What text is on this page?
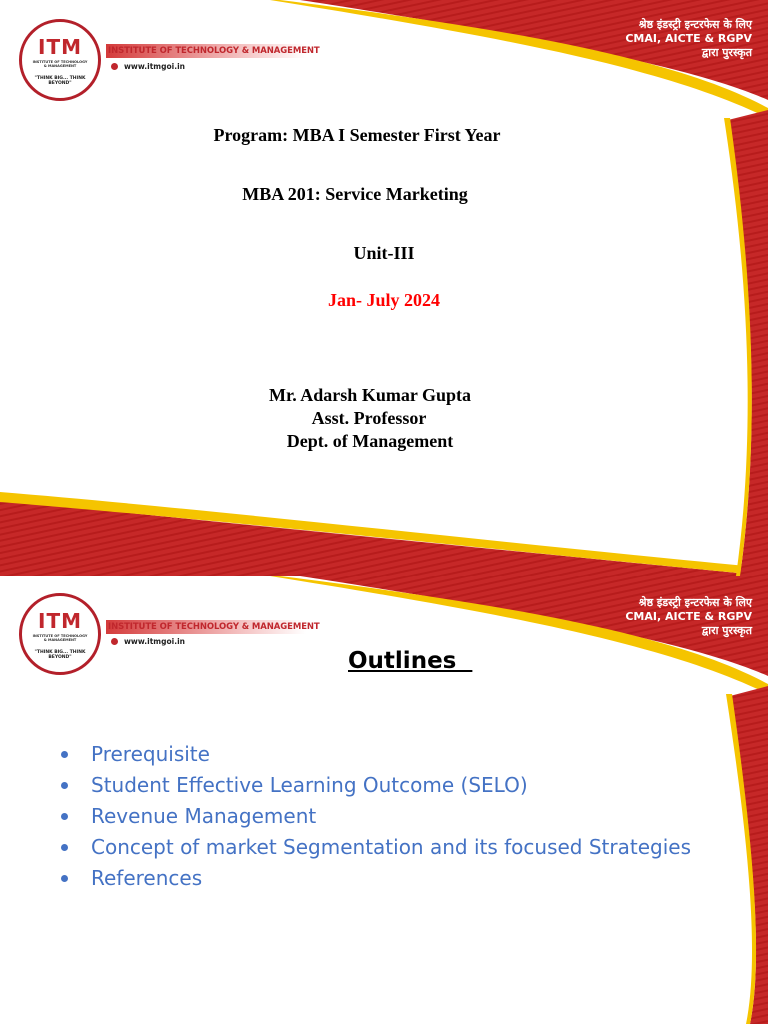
ITM
INSTITUTE OF TECHNOLOGY & MANAGEMENT
"THINK BIG... THINK BEYOND"
INSTITUTE OF TECHNOLOGY & MANAGEMENT
www.itmgoi.in
श्रेष्ठ इंडस्ट्री इन्टरफेस के लिए
CMAI, AICTE & RGPV
द्वारा पुरस्कृत
Program: MBA I Semester First Year
MBA 201: Service Marketing
Unit-III
Jan- July 2024
Mr. Adarsh Kumar Gupta
Asst. Professor
Dept. of Management
ITM
INSTITUTE OF TECHNOLOGY & MANAGEMENT
"THINK BIG... THINK BEYOND"
INSTITUTE OF TECHNOLOGY & MANAGEMENT
www.itmgoi.in
श्रेष्ठ इंडस्ट्री इन्टरफेस के लिए
CMAI, AICTE & RGPV
द्वारा पुरस्कृत
Outlines
Prerequisite
Student Effective Learning Outcome (SELO)
Revenue Management
Concept of market Segmentation and its focused Strategies
References
